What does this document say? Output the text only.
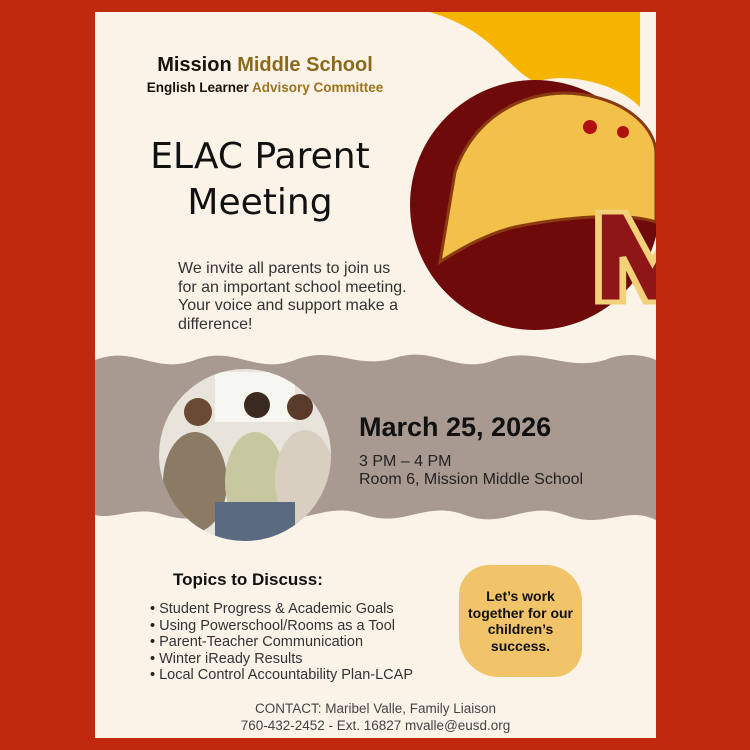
Mission Middle School
English Learner Advisory Committee
ELAC Parent
Meeting
We invite all parents to join us for an important school meeting. Your voice and support make a difference!
March 25, 2026
3 PM – 4 PM
Room 6, Mission Middle School
Topics to Discuss:
• Student Progress & Academic Goals
• Using Powerschool/Rooms as a Tool
• Parent-Teacher Communication
• Winter iReady Results
• Local Control Accountability Plan-LCAP
Let’s work together for our children’s success.
CONTACT: Maribel Valle, Family Liaison
760-432-2452 - Ext. 16827 mvalle@eusd.org
